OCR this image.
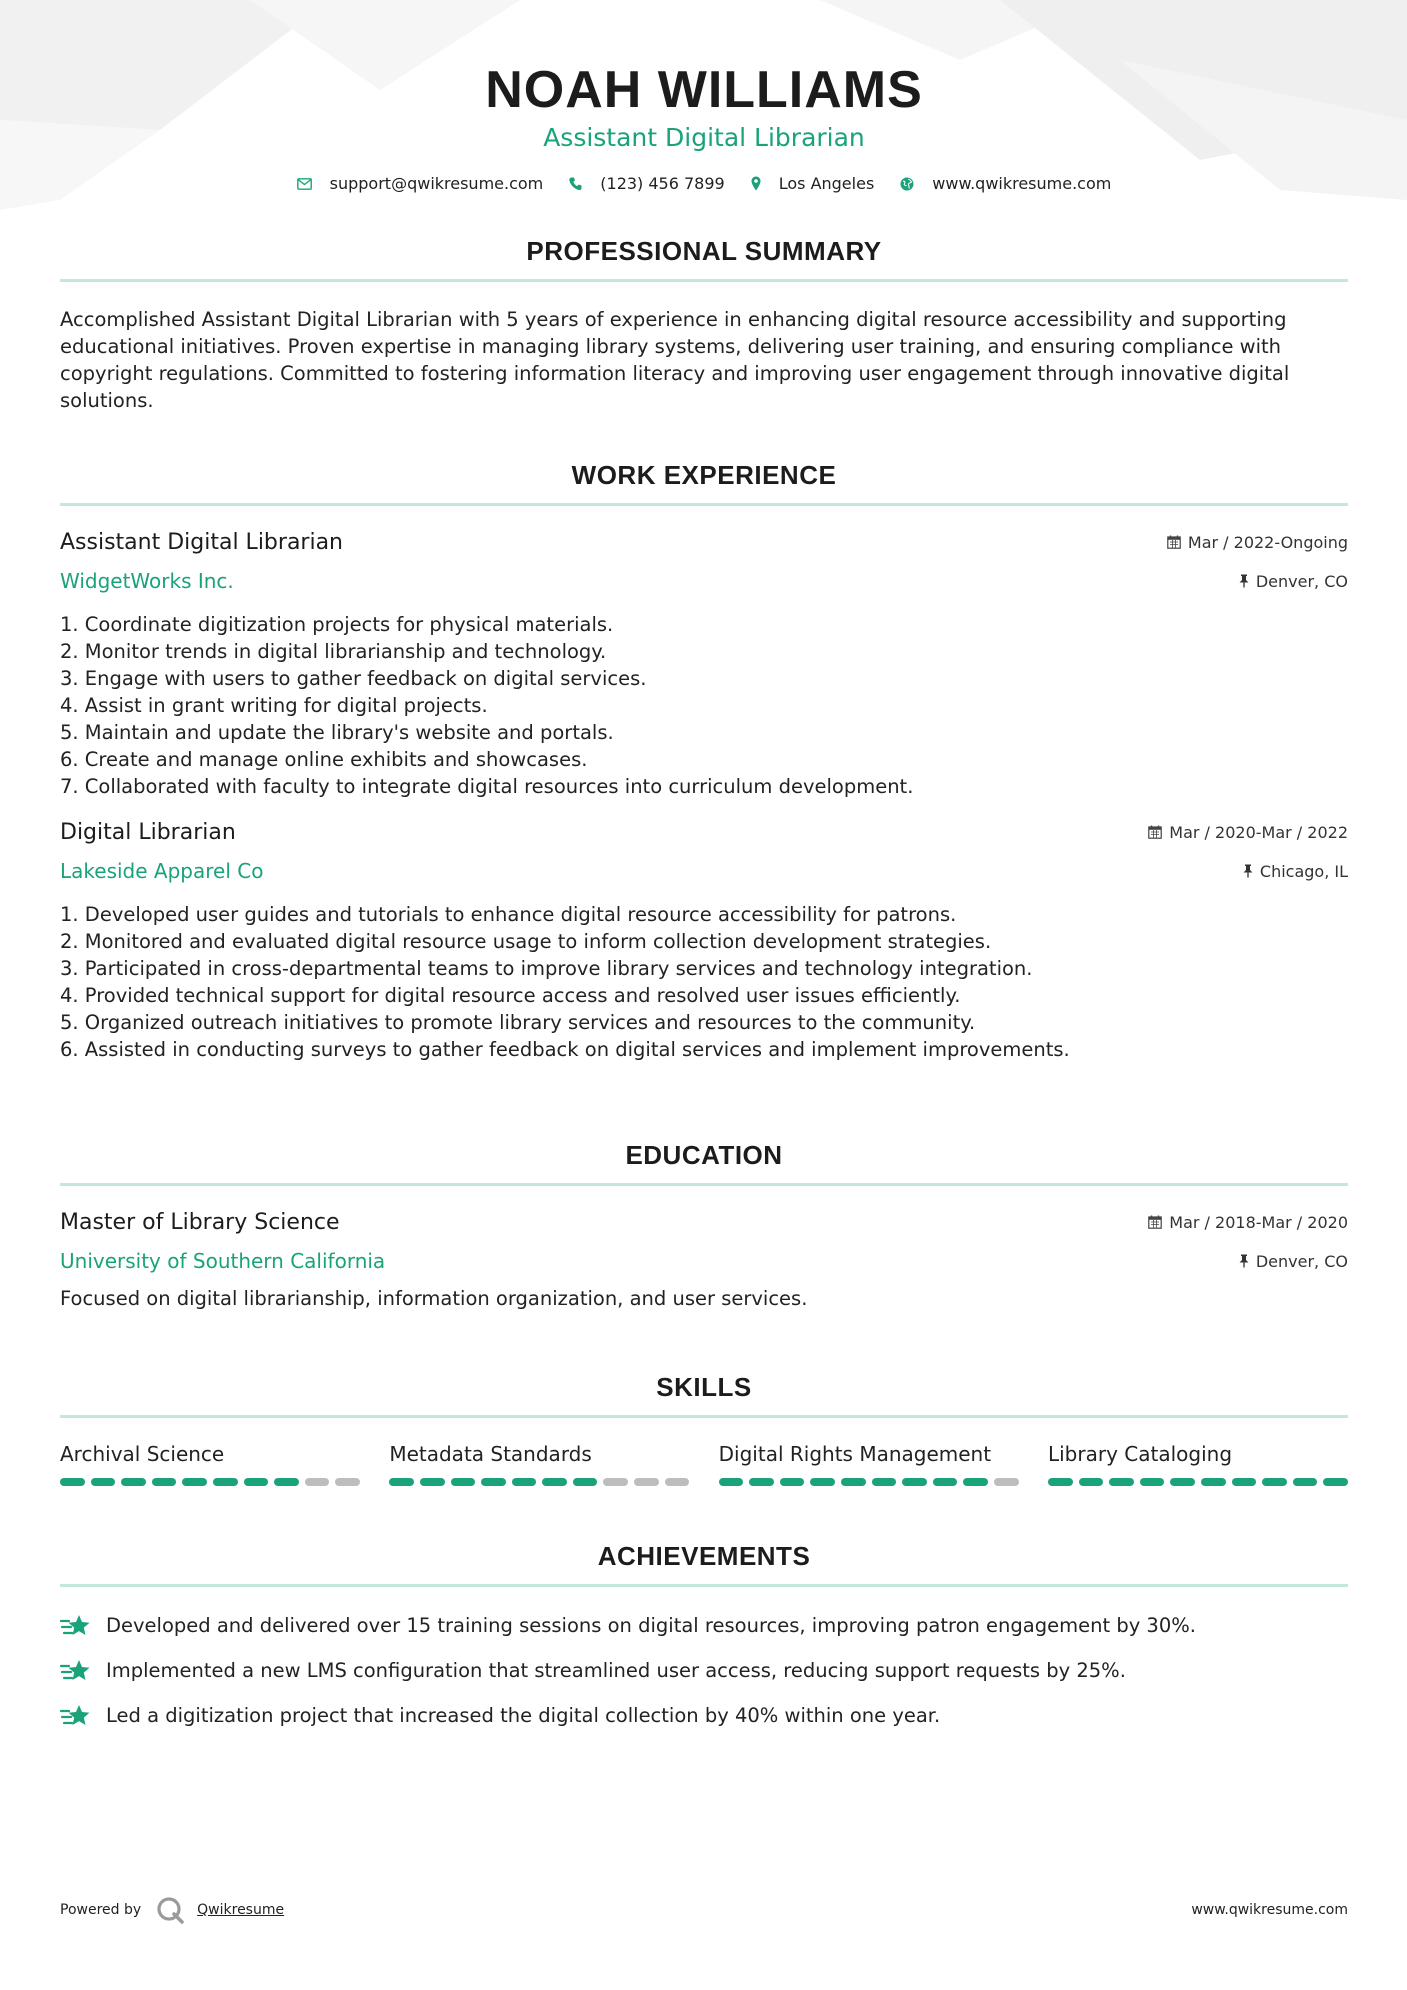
NOAH WILLIAMS
Assistant Digital Librarian
support@qwikresume.com	(123) 456 7899	Los Angeles	www.qwikresume.com
PROFESSIONAL SUMMARY
Accomplished Assistant Digital Librarian with 5 years of experience in enhancing digital resource accessibility and supporting educational initiatives. Proven expertise in managing library systems, delivering user training, and ensuring compliance with copyright regulations. Committed to fostering information literacy and improving user engagement through innovative digital solutions.
WORK EXPERIENCE
Assistant Digital Librarian	Mar / 2022-Ongoing
WidgetWorks Inc.	Denver, CO
1. Coordinate digitization projects for physical materials.
2. Monitor trends in digital librarianship and technology.
3. Engage with users to gather feedback on digital services.
4. Assist in grant writing for digital projects.
5. Maintain and update the library's website and portals.
6. Create and manage online exhibits and showcases.
7. Collaborated with faculty to integrate digital resources into curriculum development.
Digital Librarian	Mar / 2020-Mar / 2022
Lakeside Apparel Co	Chicago, IL
1. Developed user guides and tutorials to enhance digital resource accessibility for patrons.
2. Monitored and evaluated digital resource usage to inform collection development strategies.
3. Participated in cross-departmental teams to improve library services and technology integration.
4. Provided technical support for digital resource access and resolved user issues efficiently.
5. Organized outreach initiatives to promote library services and resources to the community.
6. Assisted in conducting surveys to gather feedback on digital services and implement improvements.
EDUCATION
Master of Library Science	Mar / 2018-Mar / 2020
University of Southern California	Denver, CO
Focused on digital librarianship, information organization, and user services.
SKILLS
Archival Science	Metadata Standards	Digital Rights Management	Library Cataloging
ACHIEVEMENTS
Developed and delivered over 15 training sessions on digital resources, improving patron engagement by 30%.
Implemented a new LMS configuration that streamlined user access, reducing support requests by 25%.
Led a digitization project that increased the digital collection by 40% within one year.
Powered by	Qwikresume	www.qwikresume.com
